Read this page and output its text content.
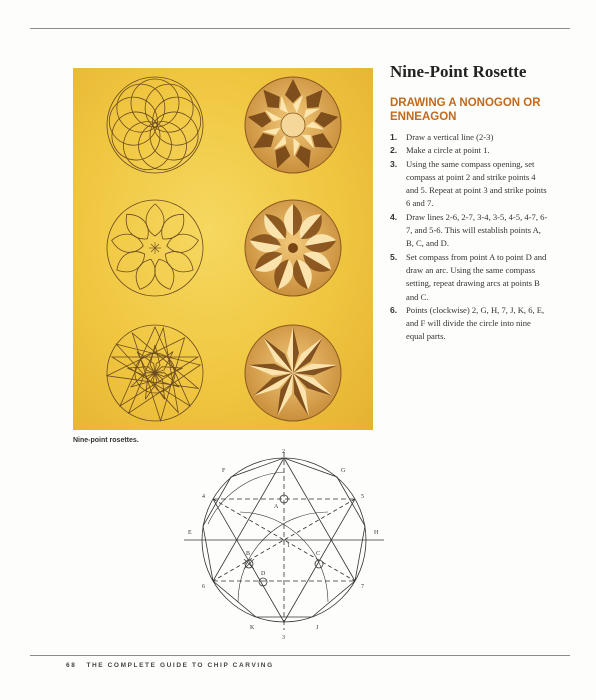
Nine-point rosettes.
Nine-Point Rosette
DRAWING A NONOGON OR ENNEAGON
1. Draw a vertical line (2-3)
2. Make a circle at point 1.
3. Using the same compass opening, set compass at point 2 and strike points 4 and 5. Repeat at point 3 and strike points 6 and 7.
4. Draw lines 2-6, 2-7, 3-4, 3-5, 4-5, 4-7, 6-7, and 5-6. This will establish points A, B, C, and D.
5. Set compass from point A to point D and draw an arc. Using the same compass setting, repeat drawing arcs at points B and C.
6. Points (clockwise) 2, G, H, 7, J, K, 6, E, and F will divide the circle into nine equal parts.
2
3
4	5
6	7
A
B	C
D
E
F	G
H
J
K
1
68 THE COMPLETE GUIDE TO CHIP CARVING
